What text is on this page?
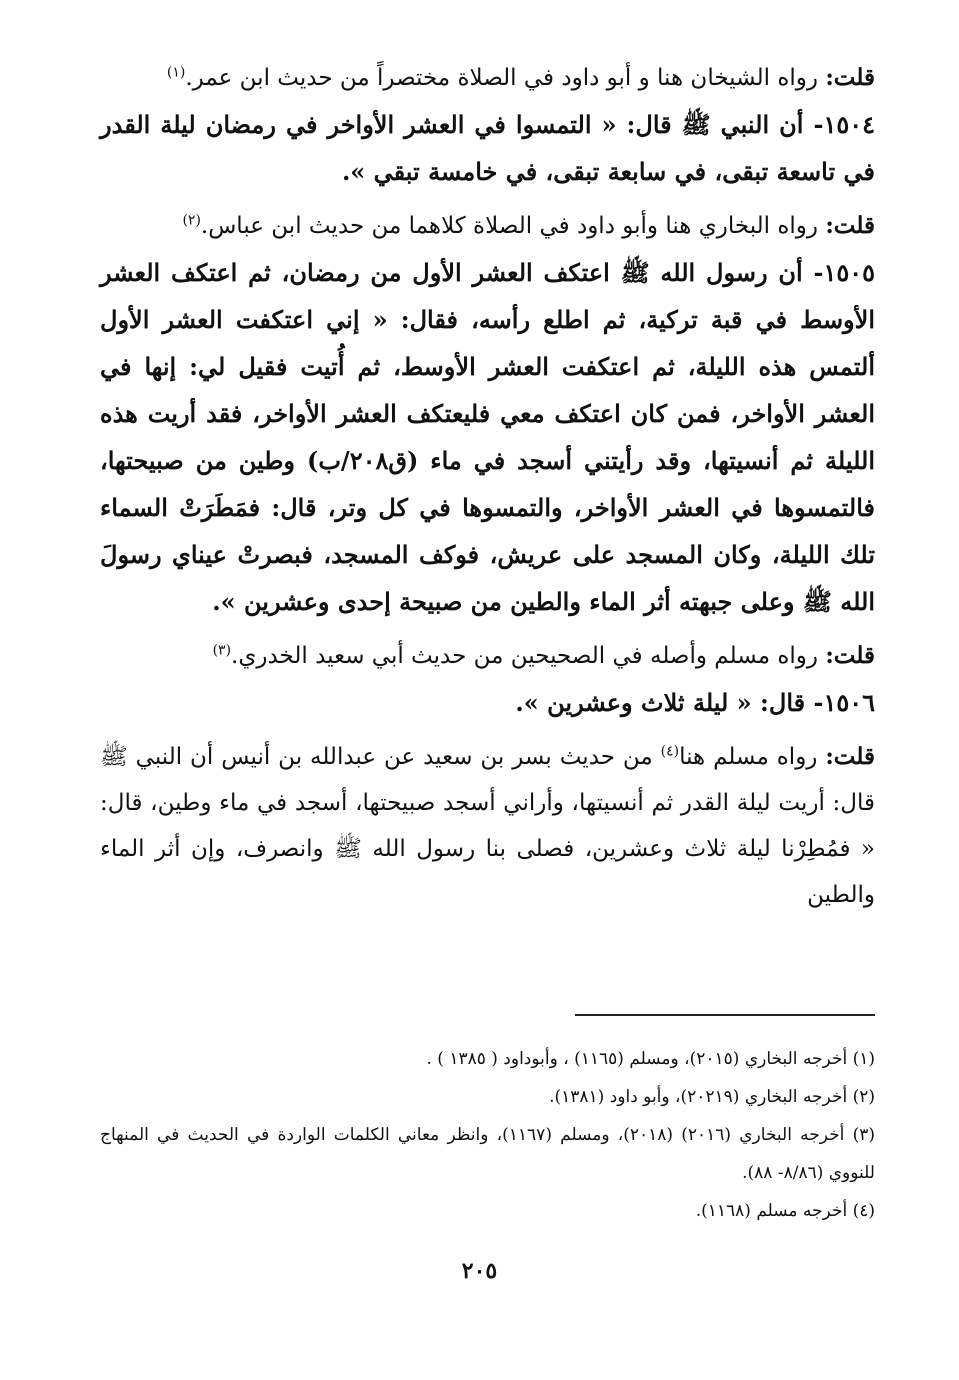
قلت: رواه الشيخان هنا و أبو داود في الصلاة مختصراً من حديث ابن عمر.$^{(١)}$

١٥٠٤- أن النبي ﷺ قال: « التمسوا في العشر الأواخر في رمضان ليلة القدر في تاسعة تبقى، في سابعة تبقى، في خامسة تبقي ».

قلت: رواه البخاري هنا وأبو داود في الصلاة كلاهما من حديث ابن عباس.$^{(٢)}$

١٥٠٥- أن رسول الله ﷺ اعتكف العشر الأول من رمضان، ثم اعتكف العشر الأوسط في قبة تركية، ثم اطلع رأسه، فقال: « إني اعتكفت العشر الأول ألتمس هذه الليلة، ثم اعتكفت العشر الأوسط، ثم أُتيت فقيل لي: إنها في العشر الأواخر، فمن كان اعتكف معي فليعتكف العشر الأواخر، فقد أريت هذه الليلة ثم أنسيتها، وقد رأيتني أسجد في ماء (ق٢٠٨/ب) وطين من صبيحتها، فالتمسوها في العشر الأواخر، والتمسوها في كل وتر، قال: فمَطَرَتْ السماء تلك الليلة، وكان المسجد على عريش، فوكف المسجد، فبصرتْ عيناي رسولَ الله ﷺ وعلى جبهته أثر الماء والطين من صبيحة إحدى وعشرين ».

قلت: رواه مسلم وأصله في الصحيحين من حديث أبي سعيد الخدري.$^{(٣)}$

١٥٠٦- قال: « ليلة ثلاث وعشرين ».

قلت: رواه مسلم هنا$^{(٤)}$ من حديث بسر بن سعيد عن عبدالله بن أنيس أن النبي ﷺ قال: أريت ليلة القدر ثم أنسيتها، وأراني أسجد صبيحتها، أسجد في ماء وطين، قال: « فمُطِرْنا ليلة ثلاث وعشرين، فصلى بنا رسول الله ﷺ وانصرف، وإن أثر الماء والطين

(١) أخرجه البخاري (٢٠١٥)، ومسلم (١١٦٥) ، وأبوداود ( ١٣٨٥ ) .

(٢) أخرجه البخاري (٢٠٢١٩)، وأبو داود (١٣٨١).

(٣) أخرجه البخاري (٢٠١٦) (٢٠١٨)، ومسلم (١١٦٧)، وانظر معاني الكلمات الواردة في الحديث في المنهاج للنووي (٨/٨٦- ٨٨).

(٤) أخرجه مسلم (١١٦٨).

٢٠٥
